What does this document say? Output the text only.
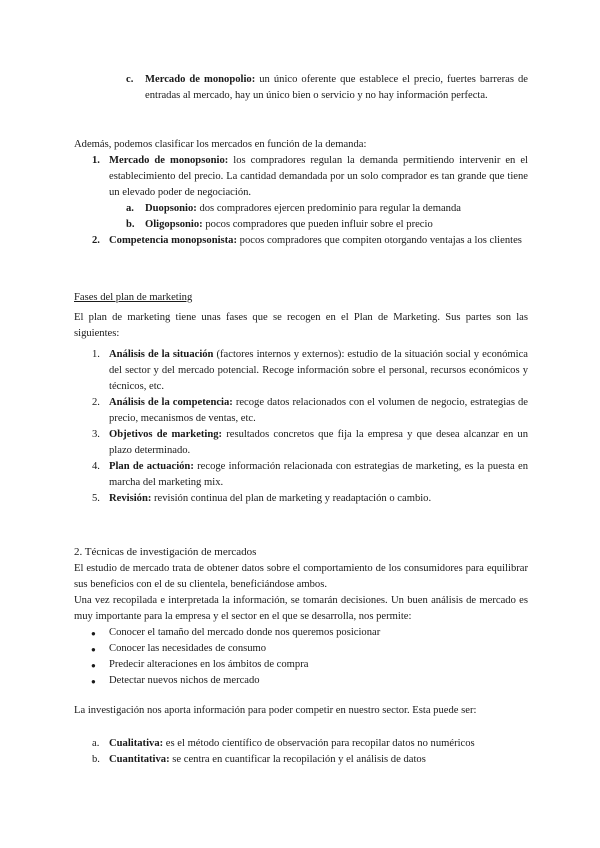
c. Mercado de monopolio: un único oferente que establece el precio, fuertes barreras de entradas al mercado, hay un único bien o servicio y no hay información perfecta.
Además, podemos clasificar los mercados en función de la demanda:
1. Mercado de monopsonio: los compradores regulan la demanda permitiendo intervenir en el establecimiento del precio. La cantidad demandada por un solo comprador es tan grande que tiene un elevado poder de negociación.
a. Duopsonio: dos compradores ejercen predominio para regular la demanda
b. Oligopsonio: pocos compradores que pueden influir sobre el precio
2. Competencia monopsonista: pocos compradores que compiten otorgando ventajas a los clientes
Fases del plan de marketing
El plan de marketing tiene unas fases que se recogen en el Plan de Marketing. Sus partes son las siguientes:
1. Análisis de la situación (factores internos y externos): estudio de la situación social y económica del sector y del mercado potencial. Recoge información sobre el personal, recursos económicos y técnicos, etc.
2. Análisis de la competencia: recoge datos relacionados con el volumen de negocio, estrategias de precio, mecanismos de ventas, etc.
3. Objetivos de marketing: resultados concretos que fija la empresa y que desea alcanzar en un plazo determinado.
4. Plan de actuación: recoge información relacionada con estrategias de marketing, es la puesta en marcha del marketing mix.
5. Revisión: revisión continua del plan de marketing y readaptación o cambio.
2. Técnicas de investigación de mercados
El estudio de mercado trata de obtener datos sobre el comportamiento de los consumidores para equilibrar sus beneficios con el de su clientela, beneficiándose ambos.
Una vez recopilada e interpretada la información, se tomarán decisiones. Un buen análisis de mercado es muy importante para la empresa y el sector en el que se desarrolla, nos permite:
● Conocer el tamaño del mercado donde nos queremos posicionar
● Conocer las necesidades de consumo
● Predecir alteraciones en los ámbitos de compra
● Detectar nuevos nichos de mercado
La investigación nos aporta información para poder competir en nuestro sector. Esta puede ser:
a. Cualitativa: es el método científico de observación para recopilar datos no numéricos
b. Cuantitativa: se centra en cuantificar la recopilación y el análisis de datos
